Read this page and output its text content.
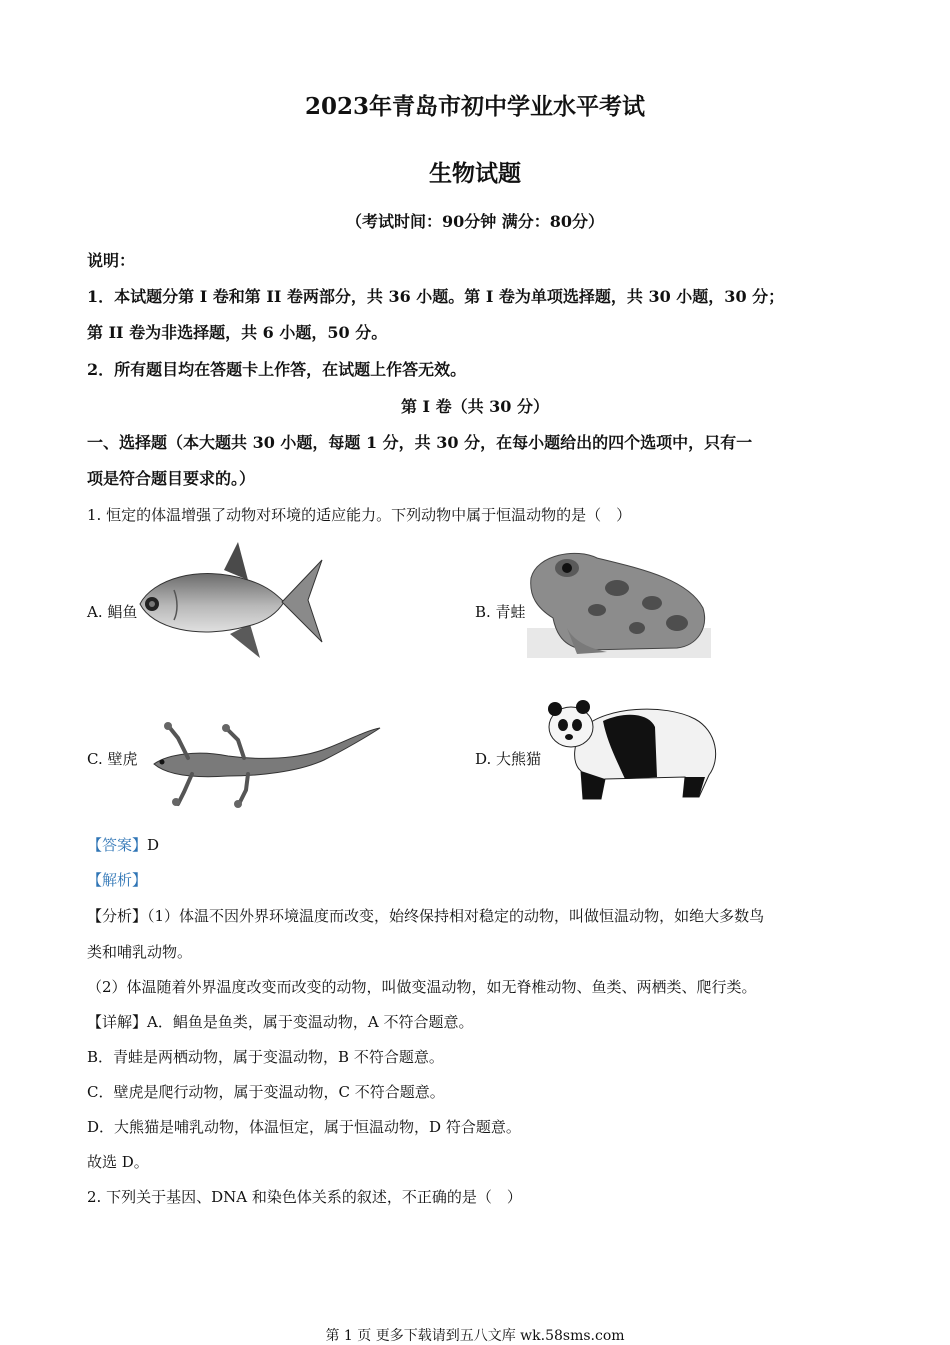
2023年青岛市初中学业水平考试
生物试题
（考试时间：90分钟 满分：80分）
说明：
1．本试题分第 I 卷和第 II 卷两部分，共 36 小题。第 I 卷为单项选择题，共 30 小题，30 分；
第 II 卷为非选择题，共 6 小题，50 分。
2．所有题目均在答题卡上作答，在试题上作答无效。
第 I 卷（共 30 分）
一、选择题（本大题共 30 小题，每题 1 分，共 30 分，在每小题给出的四个选项中，只有一
项是符合题目要求的。）
1. 恒定的体温增强了动物对环境的适应能力。下列动物中属于恒温动物的是（　）
A. 鲳鱼	B. 青蛙
C. 壁虎	D. 大熊猫
【答案】D
【解析】
【分析】（1）体温不因外界环境温度而改变，始终保持相对稳定的动物，叫做恒温动物，如绝大多数鸟
类和哺乳动物。
（2）体温随着外界温度改变而改变的动物，叫做变温动物，如无脊椎动物、鱼类、两栖类、爬行类。
【详解】A．鲳鱼是鱼类，属于变温动物，A 不符合题意。
B．青蛙是两栖动物，属于变温动物，B 不符合题意。
C．壁虎是爬行动物，属于变温动物，C 不符合题意。
D．大熊猫是哺乳动物，体温恒定，属于恒温动物，D 符合题意。
故选 D。
2. 下列关于基因、DNA 和染色体关系的叙述，不正确的是（　）
第 1 页 更多下载请到五八文库 wk.58sms.com
